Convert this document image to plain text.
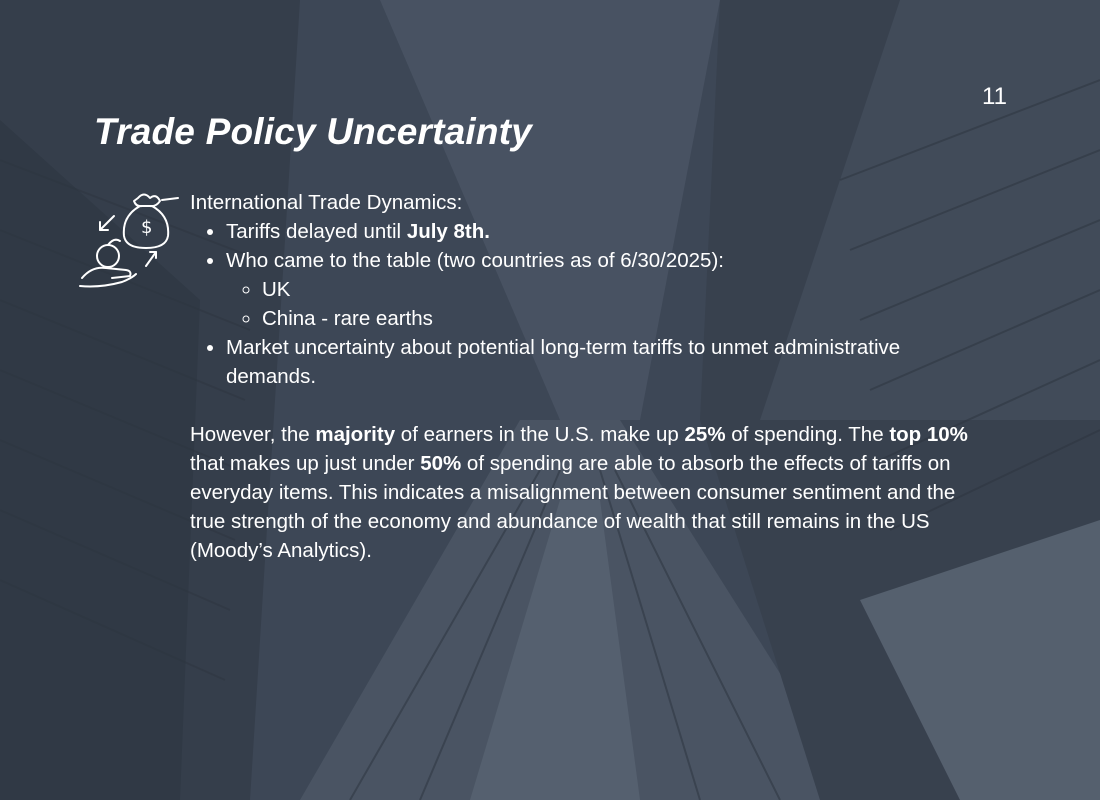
11
Trade Policy Uncertainty
$

International Trade Dynamics:

• Tariffs delayed until July 8th.
• Who came to the table (two countries as of 6/30/2025):
◦ UK
◦ China - rare earths
• Market uncertainty about potential long-term tariffs to unmet administrative demands.

However, the majority of earners in the U.S. make up 25% of spending. The top 10% that makes up just under 50% of spending are able to absorb the effects of tariffs on everyday items. This indicates a misalignment between consumer sentiment and the true strength of the economy and abundance of wealth that still remains in the US (Moody’s Analytics).
